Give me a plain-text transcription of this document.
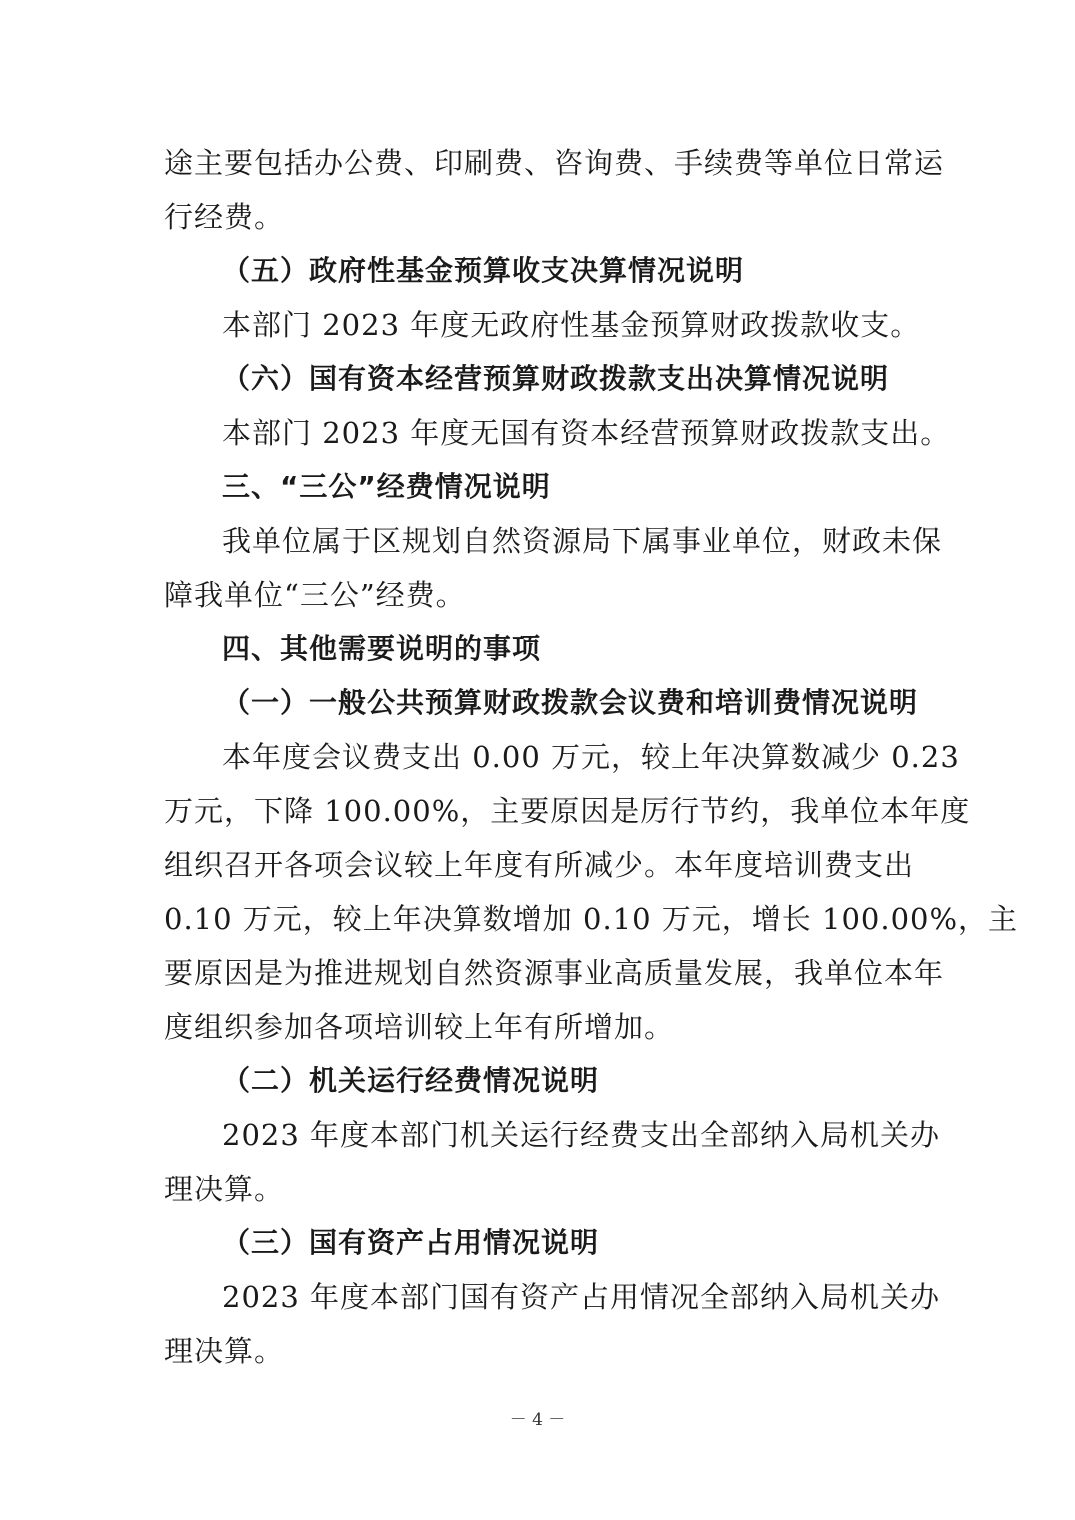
途主要包括办公费、印刷费、咨询费、手续费等单位日常运
行经费。
（五）政府性基金预算收支决算情况说明
本部门 2023 年度无政府性基金预算财政拨款收支。
（六）国有资本经营预算财政拨款支出决算情况说明
本部门 2023 年度无国有资本经营预算财政拨款支出。
三、“三公”经费情况说明
我单位属于区规划自然资源局下属事业单位，财政未保
障我单位“三公”经费。
四、其他需要说明的事项
（一）一般公共预算财政拨款会议费和培训费情况说明
本年度会议费支出 0.00 万元，较上年决算数减少 0.23
万元，下降 100.00%，主要原因是厉行节约，我单位本年度
组织召开各项会议较上年度有所减少。本年度培训费支出
0.10 万元，较上年决算数增加 0.10 万元，增长 100.00%，主
要原因是为推进规划自然资源事业高质量发展，我单位本年
度组织参加各项培训较上年有所增加。
（二）机关运行经费情况说明
2023 年度本部门机关运行经费支出全部纳入局机关办
理决算。
（三）国有资产占用情况说明
2023 年度本部门国有资产占用情况全部纳入局机关办
理决算。
－ 4 －
